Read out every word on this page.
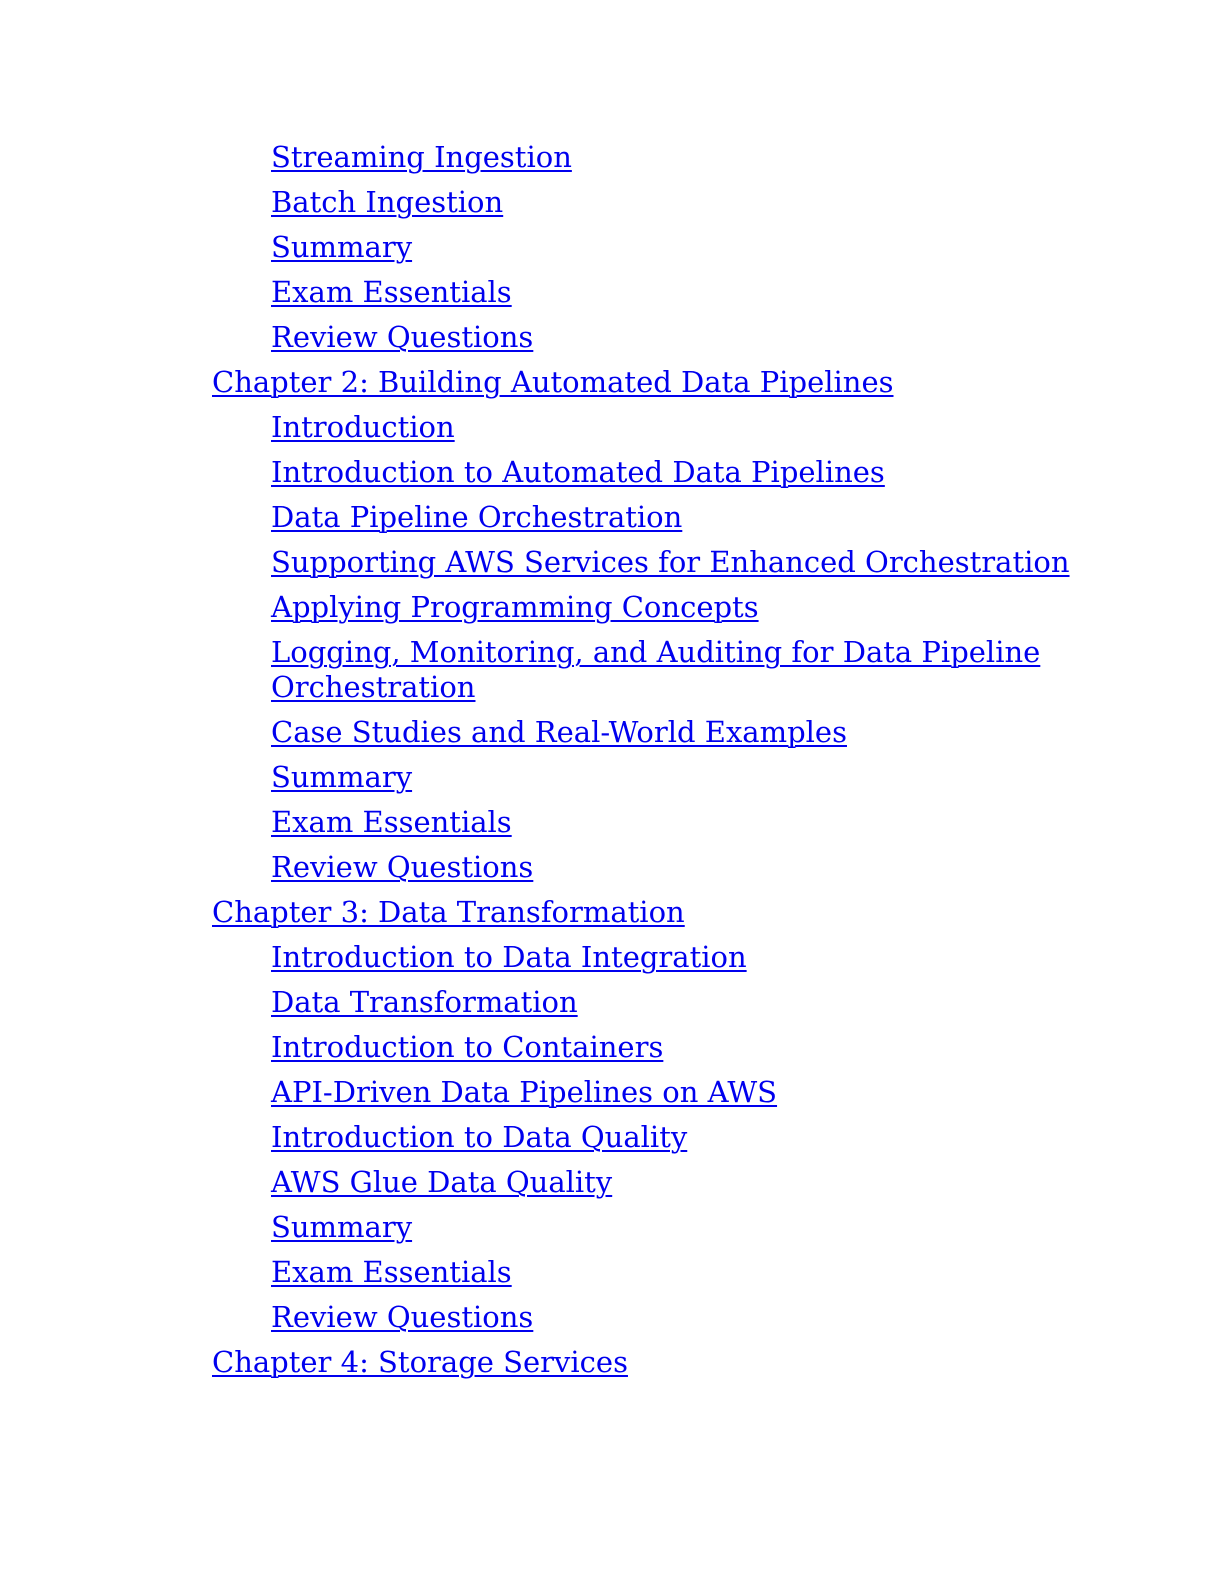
Streaming Ingestion
Batch Ingestion
Summary
Exam Essentials
Review Questions
Chapter 2: Building Automated Data Pipelines
Introduction
Introduction to Automated Data Pipelines
Data Pipeline Orchestration
Supporting AWS Services for Enhanced Orchestration
Applying Programming Concepts
Logging, Monitoring, and Auditing for Data Pipeline Orchestration
Case Studies and Real-World Examples
Summary
Exam Essentials
Review Questions
Chapter 3: Data Transformation
Introduction to Data Integration
Data Transformation
Introduction to Containers
API-Driven Data Pipelines on AWS
Introduction to Data Quality
AWS Glue Data Quality
Summary
Exam Essentials
Review Questions
Chapter 4: Storage Services
